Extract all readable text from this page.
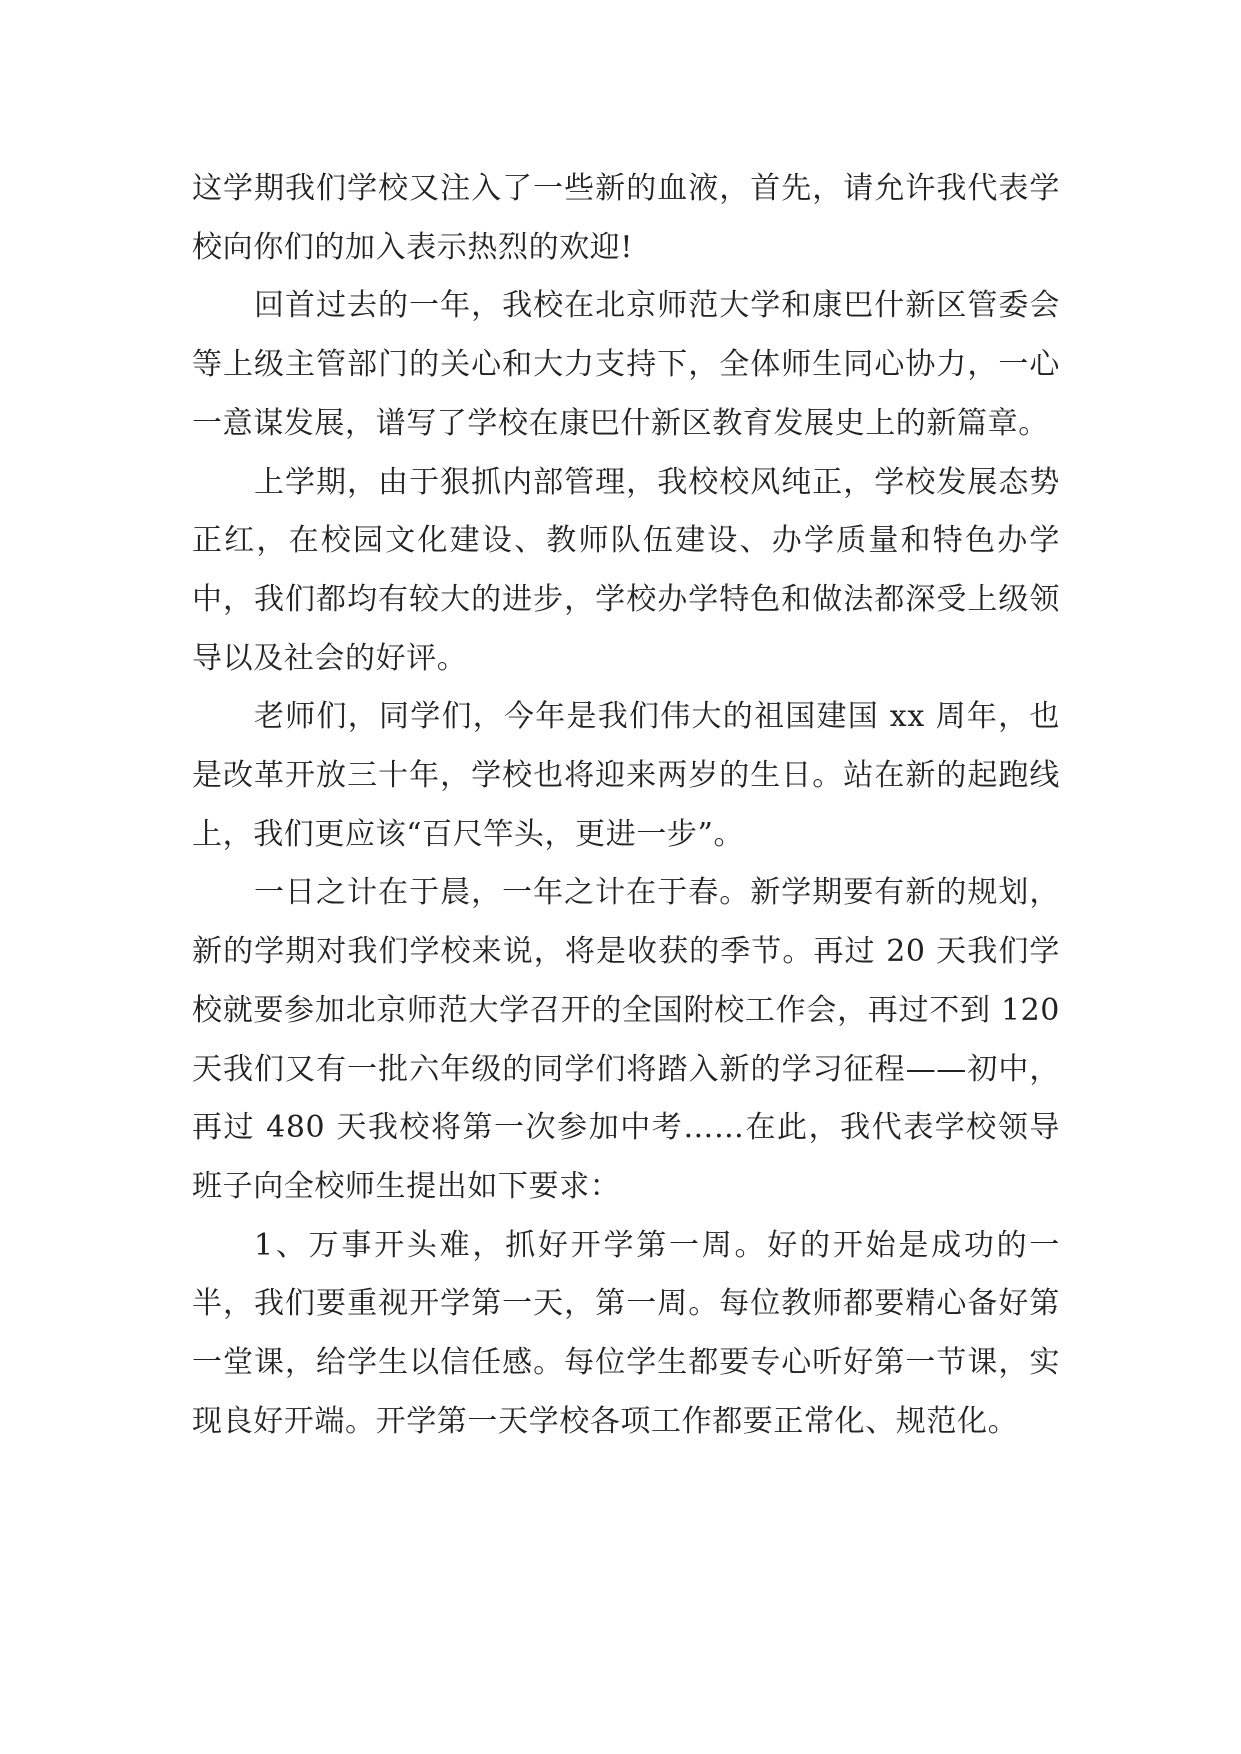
这学期我们学校又注入了一些新的血液，首先，请允许我代表学校向你们的加入表示热烈的欢迎!

回首过去的一年，我校在北京师范大学和康巴什新区管委会等上级主管部门的关心和大力支持下，全体师生同心协力，一心一意谋发展，谱写了学校在康巴什新区教育发展史上的新篇章。

上学期，由于狠抓内部管理，我校校风纯正，学校发展态势正红，在校园文化建设、教师队伍建设、办学质量和特色办学中，我们都均有较大的进步，学校办学特色和做法都深受上级领导以及社会的好评。

老师们，同学们，今年是我们伟大的祖国建国 xx 周年，也是改革开放三十年，学校也将迎来两岁的生日。站在新的起跑线上，我们更应该“百尺竿头，更进一步”。

一日之计在于晨，一年之计在于春。新学期要有新的规划，新的学期对我们学校来说，将是收获的季节。再过 20 天我们学校就要参加北京师范大学召开的全国附校工作会，再过不到 120 天我们又有一批六年级的同学们将踏入新的学习征程——初中，再过 480 天我校将第一次参加中考……在此，我代表学校领导班子向全校师生提出如下要求：

1、万事开头难，抓好开学第一周。好的开始是成功的一半，我们要重视开学第一天，第一周。每位教师都要精心备好第一堂课，给学生以信任感。每位学生都要专心听好第一节课，实现良好开端。开学第一天学校各项工作都要正常化、规范化。
